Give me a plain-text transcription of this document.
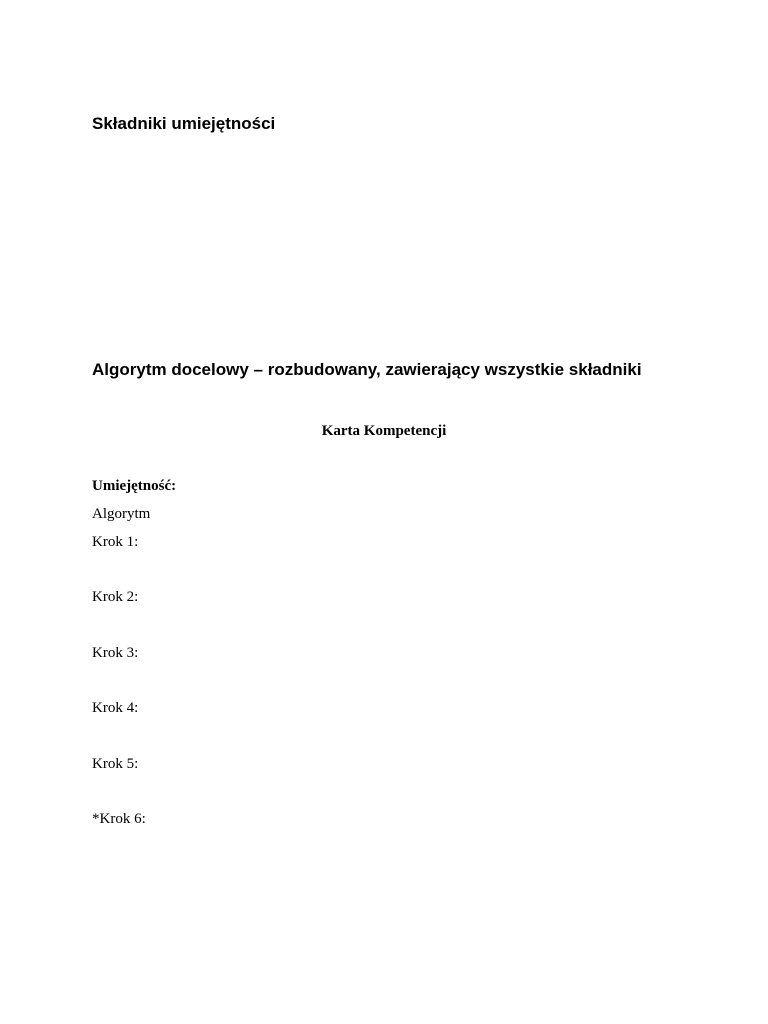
Składniki umiejętności
Algorytm docelowy – rozbudowany, zawierający wszystkie składniki
Karta Kompetencji
Umiejętność:
Algorytm
Krok 1:
Krok 2:
Krok 3:
Krok 4:
Krok 5:
*Krok 6:
